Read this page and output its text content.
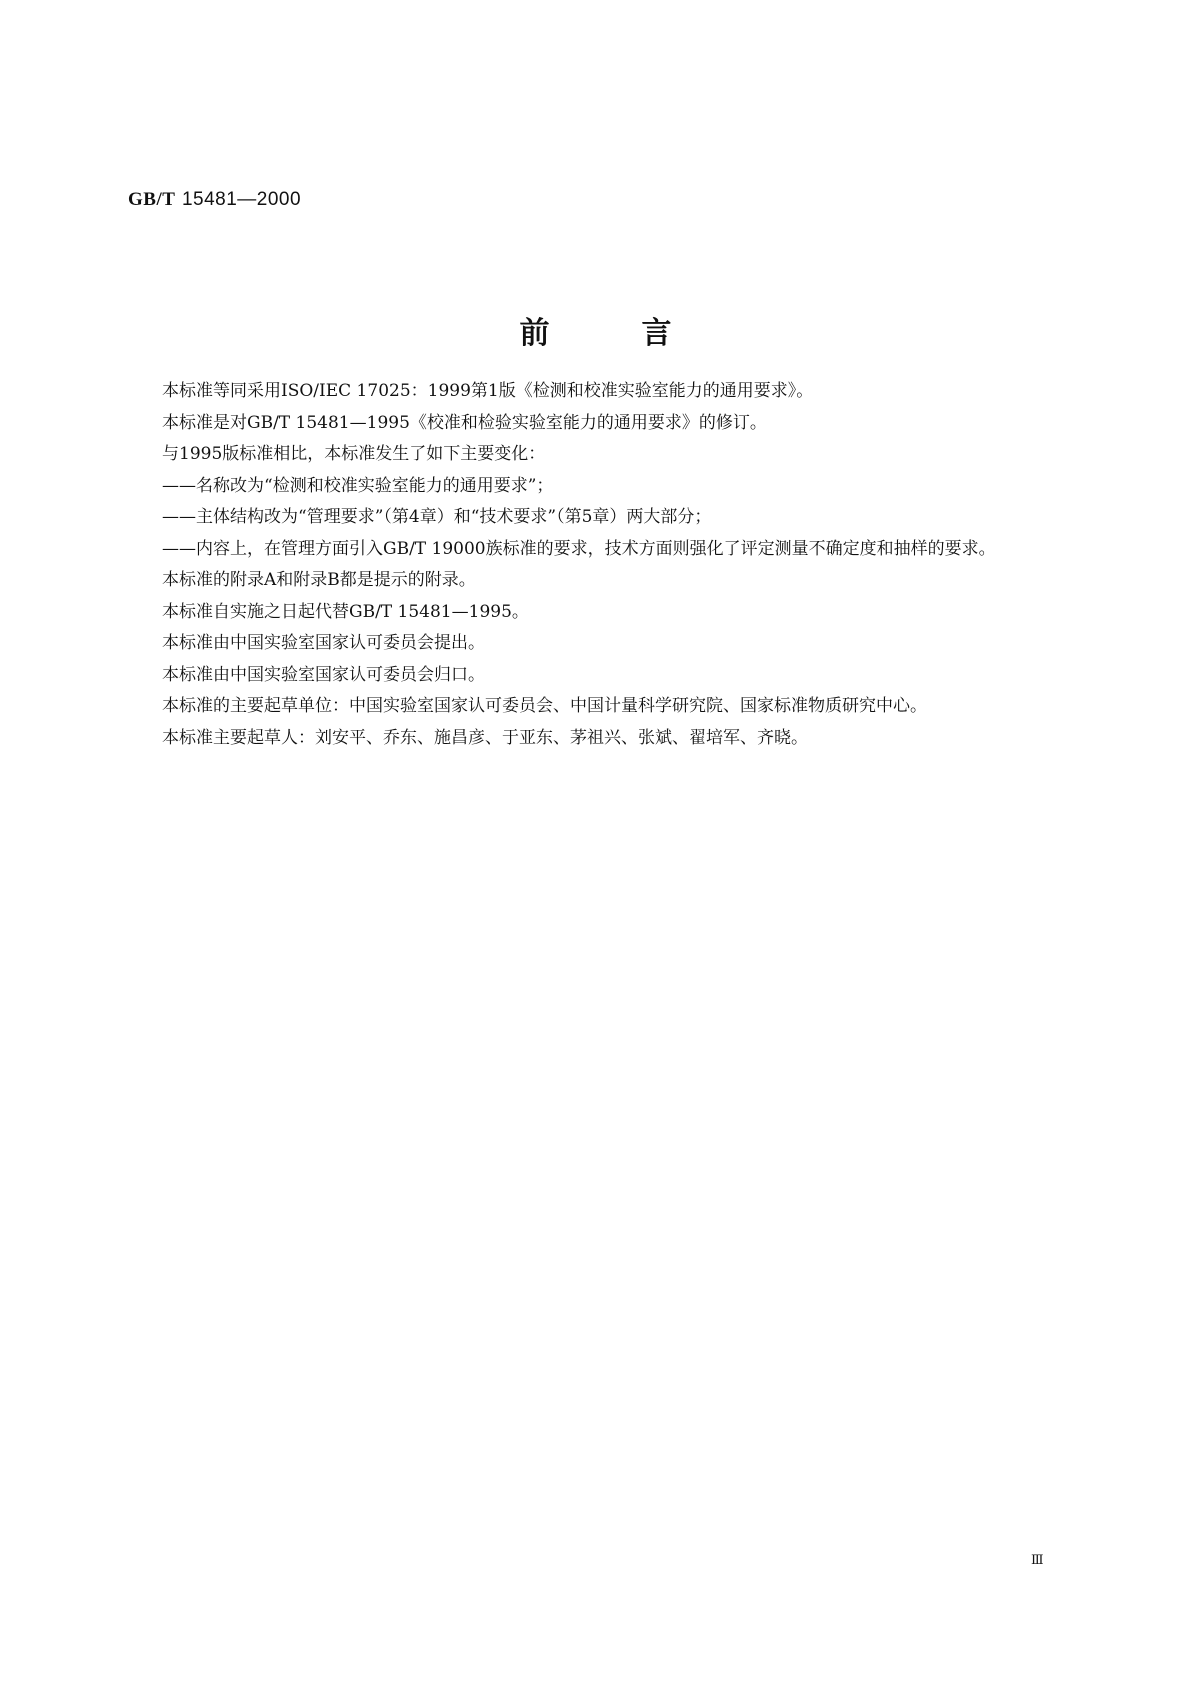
GB/T 15481—2000
前	言

本标准等同采用ISO/IEC 17025：1999第1版《检测和校准实验室能力的通用要求》。

本标准是对GB/T 15481—1995《校准和检验实验室能力的通用要求》的修订。

与1995版标准相比，本标准发生了如下主要变化：

——名称改为“检测和校准实验室能力的通用要求”；

——主体结构改为“管理要求”（第4章）和“技术要求”（第5章）两大部分；

——内容上，在管理方面引入GB/T 19000族标准的要求，技术方面则强化了评定测量不确定度和抽样的要求。

本标准的附录A和附录B都是提示的附录。

本标准自实施之日起代替GB/T 15481—1995。

本标准由中国实验室国家认可委员会提出。

本标准由中国实验室国家认可委员会归口。

本标准的主要起草单位：中国实验室国家认可委员会、中国计量科学研究院、国家标准物质研究中心。

本标准主要起草人：刘安平、乔东、施昌彦、于亚东、茅祖兴、张斌、翟培军、齐晓。

Ⅲ
